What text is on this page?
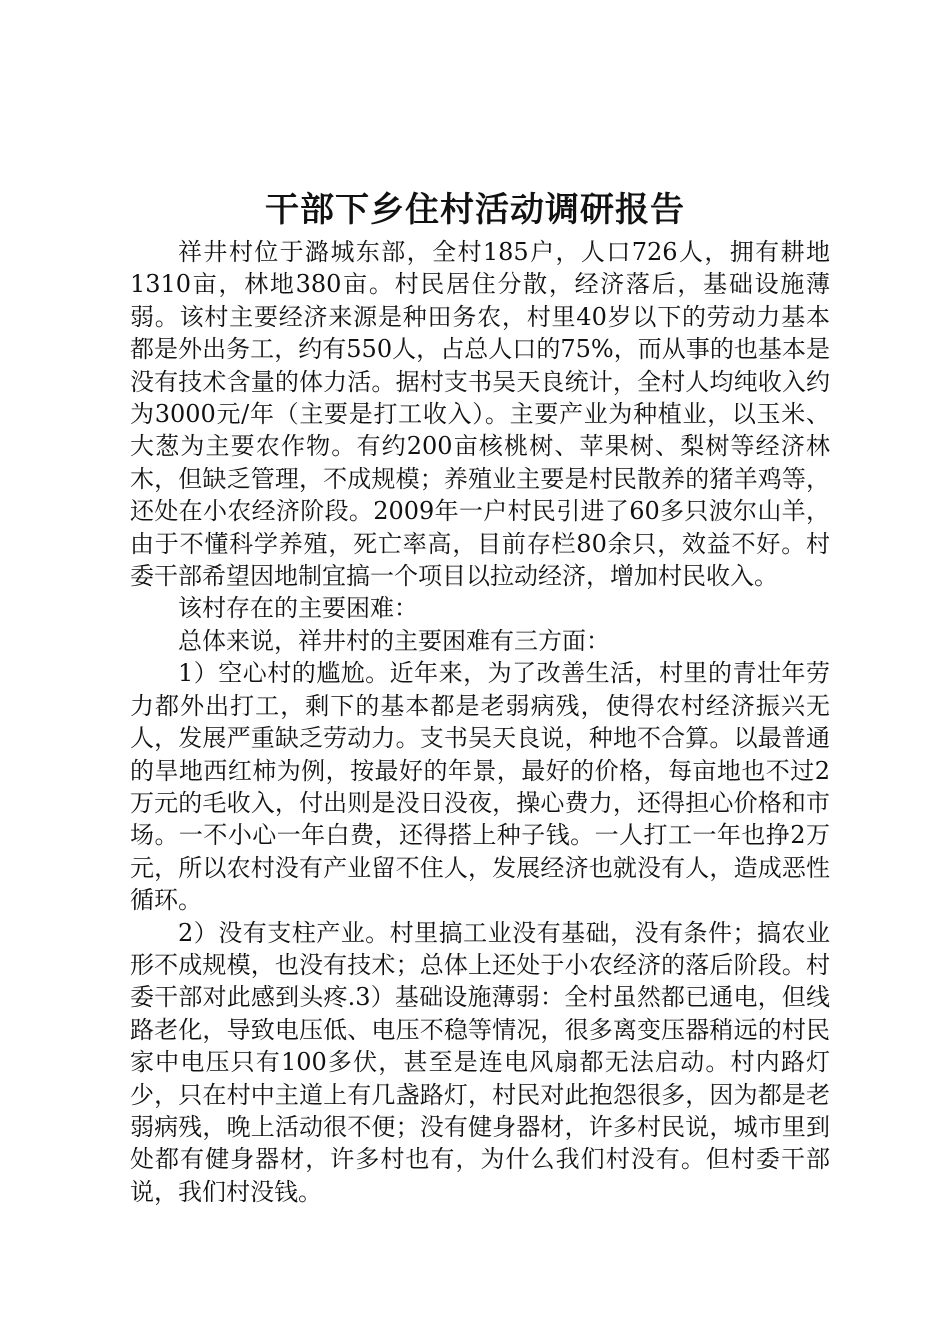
干部下乡住村活动调研报告

祥井村位于潞城东部，全村185户，人口726人，拥有耕地1310亩，林地380亩。村民居住分散，经济落后，基础设施薄弱。该村主要经济来源是种田务农，村里40岁以下的劳动力基本都是外出务工，约有550人，占总人口的75%，而从事的也基本是没有技术含量的体力活。据村支书吴天良统计，全村人均纯收入约为3000元/年（主要是打工收入）。主要产业为种植业，以玉米、大葱为主要农作物。有约200亩核桃树、苹果树、梨树等经济林木，但缺乏管理，不成规模；养殖业主要是村民散养的猪羊鸡等，还处在小农经济阶段。2009年一户村民引进了60多只波尔山羊，由于不懂科学养殖，死亡率高，目前存栏80余只，效益不好。村委干部希望因地制宜搞一个项目以拉动经济，增加村民收入。

该村存在的主要困难：

总体来说，祥井村的主要困难有三方面：

1）空心村的尴尬。近年来，为了改善生活，村里的青壮年劳力都外出打工，剩下的基本都是老弱病残，使得农村经济振兴无人，发展严重缺乏劳动力。支书吴天良说，种地不合算。以最普通的旱地西红柿为例，按最好的年景，最好的价格，每亩地也不过2万元的毛收入，付出则是没日没夜，操心费力，还得担心价格和市场。一不小心一年白费，还得搭上种子钱。一人打工一年也挣2万元，所以农村没有产业留不住人，发展经济也就没有人，造成恶性循环。

2）没有支柱产业。村里搞工业没有基础，没有条件；搞农业形不成规模，也没有技术；总体上还处于小农经济的落后阶段。村委干部对此感到头疼.3）基础设施薄弱：全村虽然都已通电，但线路老化，导致电压低、电压不稳等情况，很多离变压器稍远的村民家中电压只有100多伏，甚至是连电风扇都无法启动。村内路灯少，只在村中主道上有几盏路灯，村民对此抱怨很多，因为都是老弱病残，晚上活动很不便；没有健身器材，许多村民说，城市里到处都有健身器材，许多村也有，为什么我们村没有。但村委干部说，我们村没钱。
